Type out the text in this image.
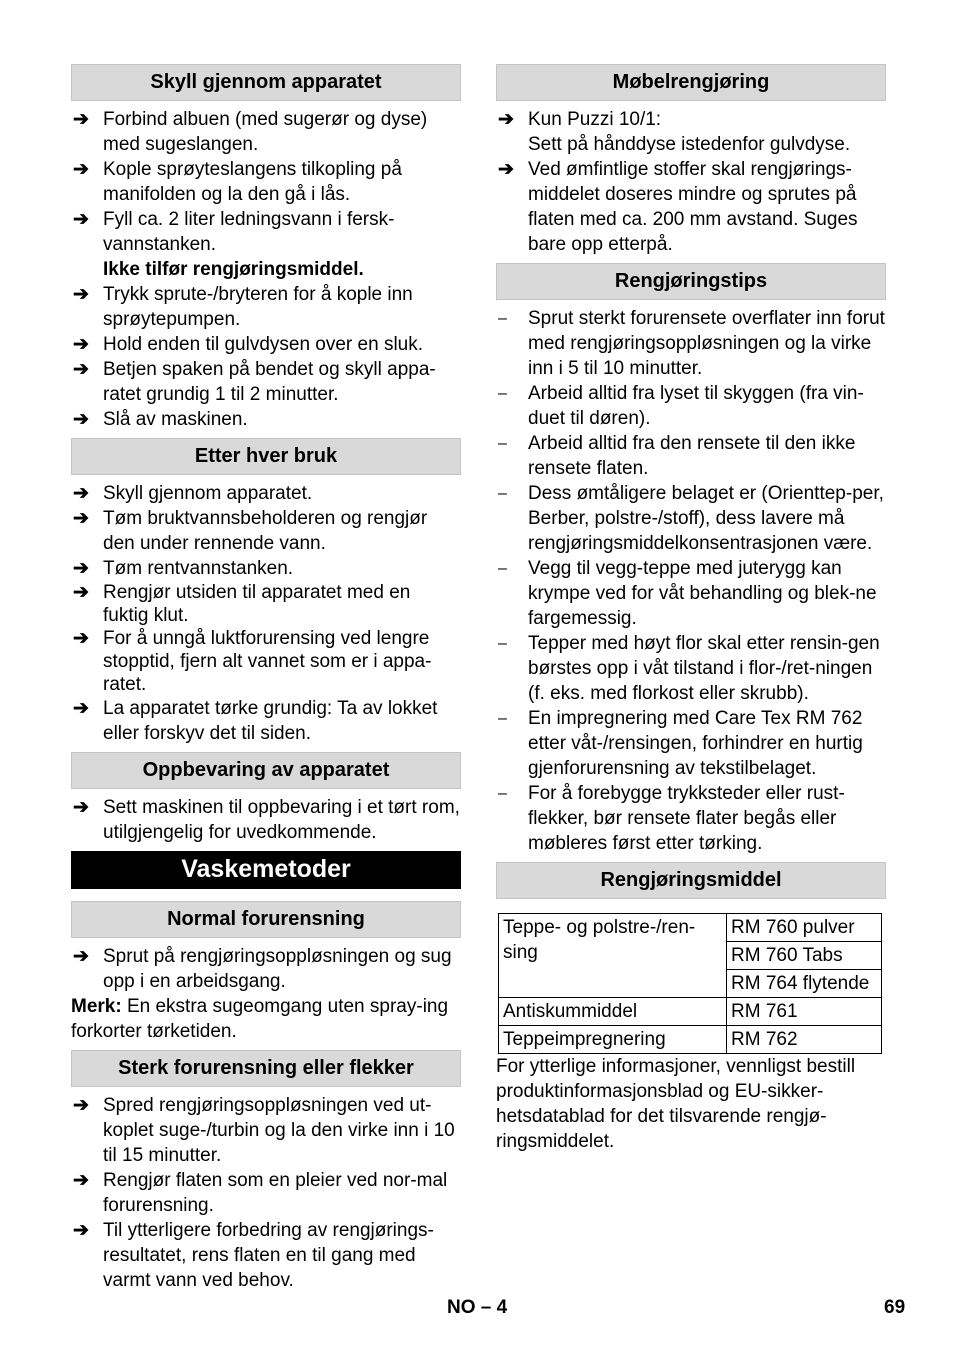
Skyll gjennom apparatet
➔ Forbind albuen (med sugerør og dyse) med sugeslangen.
➔ Kople sprøyteslangens tilkopling på manifolden og la den gå i lås.
➔ Fyll ca. 2 liter ledningsvann i fersk-vannstanken.
Ikke tilfør rengjøringsmiddel.
➔ Trykk sprute-/bryteren for å kople inn sprøytepumpen.
➔ Hold enden til gulvdysen over en sluk.
➔ Betjen spaken på bendet og skyll appa-ratet grundig 1 til 2 minutter.
➔ Slå av maskinen.
Etter hver bruk
➔ Skyll gjennom apparatet.
➔ Tøm bruktvannsbeholderen og rengjør den under rennende vann.
➔ Tøm rentvannstanken.
➔ Rengjør utsiden til apparatet med en fuktig klut.
➔ For å unngå luktforurensing ved lengre stopptid, fjern alt vannet som er i appa-ratet.
➔ La apparatet tørke grundig: Ta av lokket eller forskyv det til siden.
Oppbevaring av apparatet
➔ Sett maskinen til oppbevaring i et tørt rom, utilgjengelig for uvedkommende.
Vaskemetoder
Normal forurensning
➔ Sprut på rengjøringsoppløsningen og sug opp i en arbeidsgang.
Merk: En ekstra sugeomgang uten spray-ing forkorter tørketiden.
Sterk forurensning eller flekker
➔ Spred rengjøringsoppløsningen ved ut-koplet suge-/turbin og la den virke inn i 10 til 15 minutter.
➔ Rengjør flaten som en pleier ved nor-mal forurensning.
➔ Til ytterligere forbedring av rengjørings-resultatet, rens flaten en til gang med varmt vann ved behov.
Møbelrengjøring
➔ Kun Puzzi 10/1:
Sett på hånddyse istedenfor gulvdyse.
➔ Ved ømfintlige stoffer skal rengjørings-middelet doseres mindre og sprutes på flaten med ca. 200 mm avstand. Suges bare opp etterpå.
Rengjøringstips
– Sprut sterkt forurensete overflater inn forut med rengjøringsoppløsningen og la virke inn i 5 til 10 minutter.
– Arbeid alltid fra lyset til skyggen (fra vin-duet til døren).
– Arbeid alltid fra den rensete til den ikke rensete flaten.
– Dess ømtåligere belaget er (Orienttep-per, Berber, polstre-/stoff), dess lavere må rengjøringsmiddelkonsentrasjonen være.
– Vegg til vegg-teppe med juterygg kan krympe ved for våt behandling og blek-ne fargemessig.
– Tepper med høyt flor skal etter rensin-gen børstes opp i våt tilstand i flor-/ret-ningen (f. eks. med florkost eller skrubb).
– En impregnering med Care Tex RM 762 etter våt-/rensingen, forhindrer en hurtig gjenforurensning av tekstilbelaget.
– For å forebygge trykksteder eller rust-flekker, bør rensete flater begås eller møbleres først etter tørking.
Rengjøringsmiddel
Teppe- og polstre-/ren-sing	RM 760 pulver
	RM 760 Tabs
	RM 764 flytende
Antiskummiddel	RM 761
Teppeimpregnering	RM 762
For ytterlige informasjoner, vennligst bestill produktinformasjonsblad og EU-sikker-hetsdatablad for det tilsvarende rengjø-ringsmiddelet.
NO – 4	69
